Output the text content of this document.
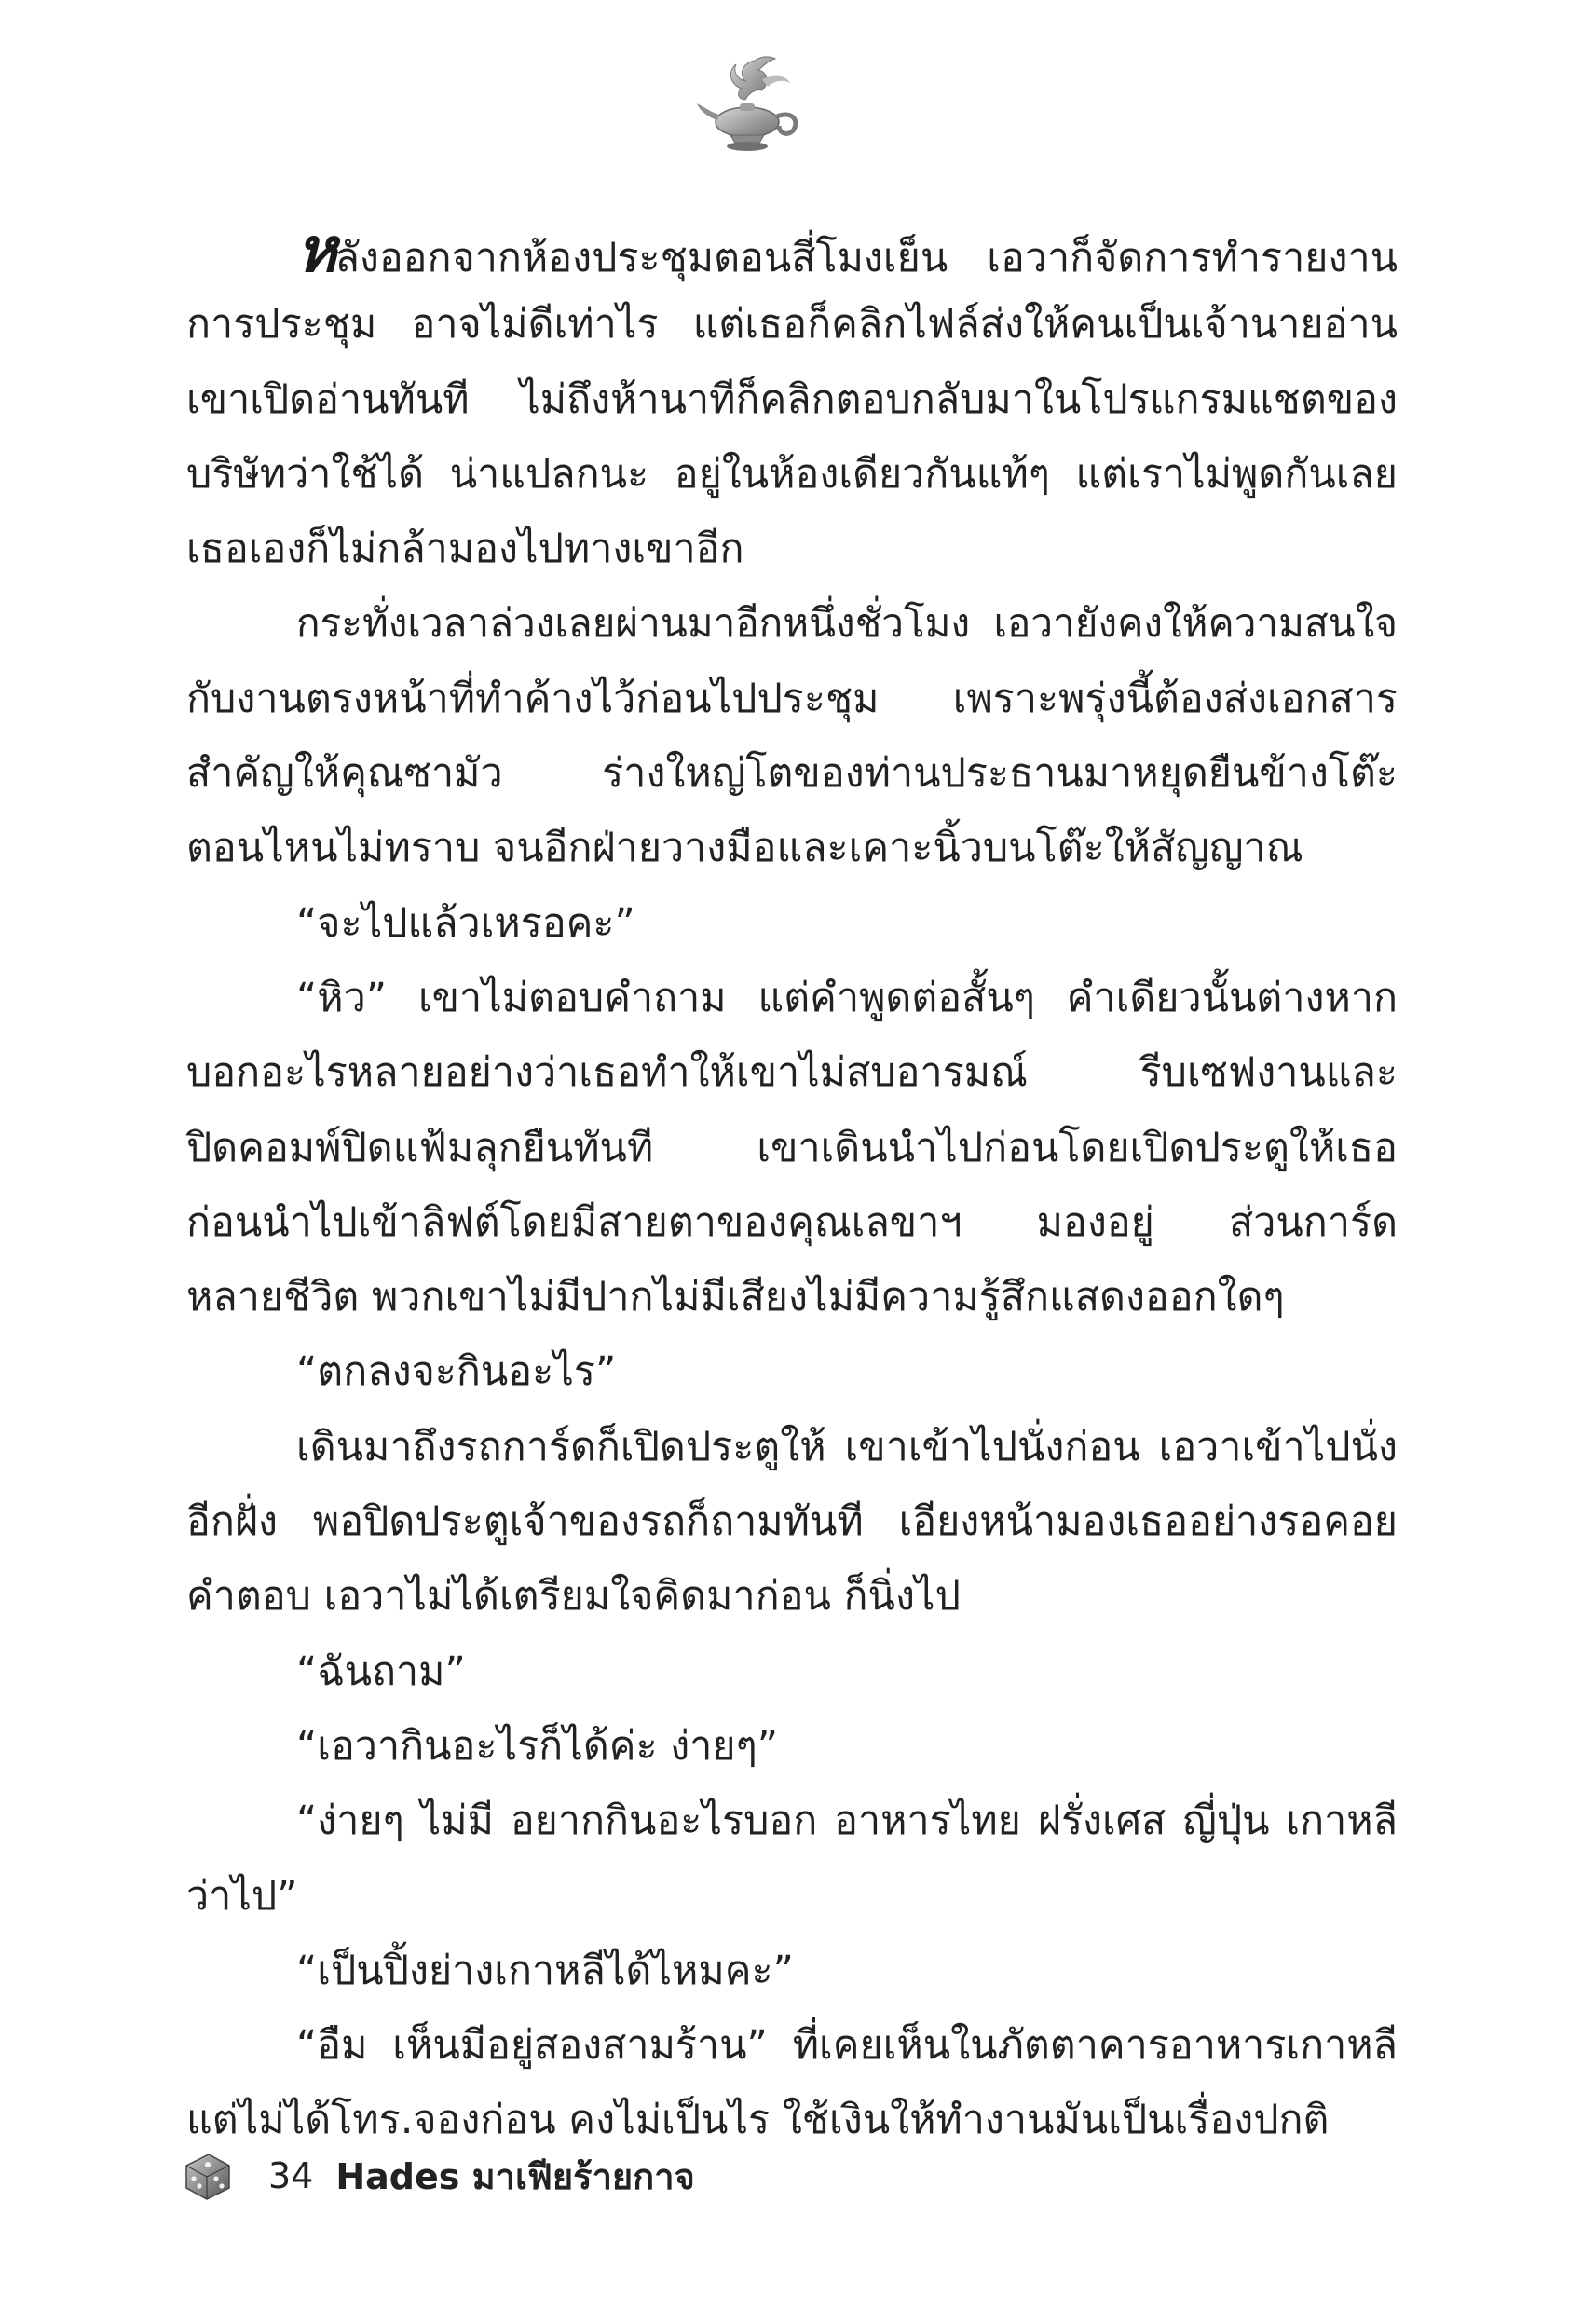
หลังออกจากห้องประชุมตอนสี่โมงเย็น เอวาก็จัดการทำรายงาน
การประชุม อาจไม่ดีเท่าไร แต่เธอก็คลิกไฟล์ส่งให้คนเป็นเจ้านายอ่าน
เขาเปิดอ่านทันที ไม่ถึงห้านาทีก็คลิกตอบกลับมาในโปรแกรมแชตของ
บริษัทว่าใช้ได้ น่าแปลกนะ อยู่ในห้องเดียวกันแท้ๆ แต่เราไม่พูดกันเลย
เธอเองก็ไม่กล้ามองไปทางเขาอีก
กระทั่งเวลาล่วงเลยผ่านมาอีกหนึ่งชั่วโมง เอวายังคงให้ความสนใจ
กับงานตรงหน้าที่ทำค้างไว้ก่อนไปประชุม เพราะพรุ่งนี้ต้องส่งเอกสาร
สำคัญให้คุณซามัว ร่างใหญ่โตของท่านประธานมาหยุดยืนข้างโต๊ะ
ตอนไหนไม่ทราบ จนอีกฝ่ายวางมือและเคาะนิ้วบนโต๊ะให้สัญญาณ
“จะไปแล้วเหรอคะ”
“หิว” เขาไม่ตอบคำถาม แต่คำพูดต่อสั้นๆ คำเดียวนั้นต่างหาก
บอกอะไรหลายอย่างว่าเธอทำให้เขาไม่สบอารมณ์ รีบเซฟงานและ
ปิดคอมพ์ปิดแฟ้มลุกยืนทันที เขาเดินนำไปก่อนโดยเปิดประตูให้เธอ
ก่อนนำไปเข้าลิฟต์โดยมีสายตาของคุณเลขาฯ มองอยู่ ส่วนการ์ด
หลายชีวิต พวกเขาไม่มีปากไม่มีเสียงไม่มีความรู้สึกแสดงออกใดๆ
“ตกลงจะกินอะไร”
เดินมาถึงรถการ์ดก็เปิดประตูให้ เขาเข้าไปนั่งก่อน เอวาเข้าไปนั่ง
อีกฝั่ง พอปิดประตูเจ้าของรถก็ถามทันที เอียงหน้ามองเธออย่างรอคอย
คำตอบ เอวาไม่ได้เตรียมใจคิดมาก่อน ก็นิ่งไป
“ฉันถาม”
“เอวากินอะไรก็ได้ค่ะ ง่ายๆ”
“ง่ายๆ ไม่มี อยากกินอะไรบอก อาหารไทย ฝรั่งเศส ญี่ปุ่น เกาหลี
ว่าไป”
“เป็นปิ้งย่างเกาหลีได้ไหมคะ”
“อืม เห็นมีอยู่สองสามร้าน” ที่เคยเห็นในภัตตาคารอาหารเกาหลี
แต่ไม่ได้โทร.จองก่อน คงไม่เป็นไร ใช้เงินให้ทำงานมันเป็นเรื่องปกติ
34 Hades มาเฟียร้ายกาจ
